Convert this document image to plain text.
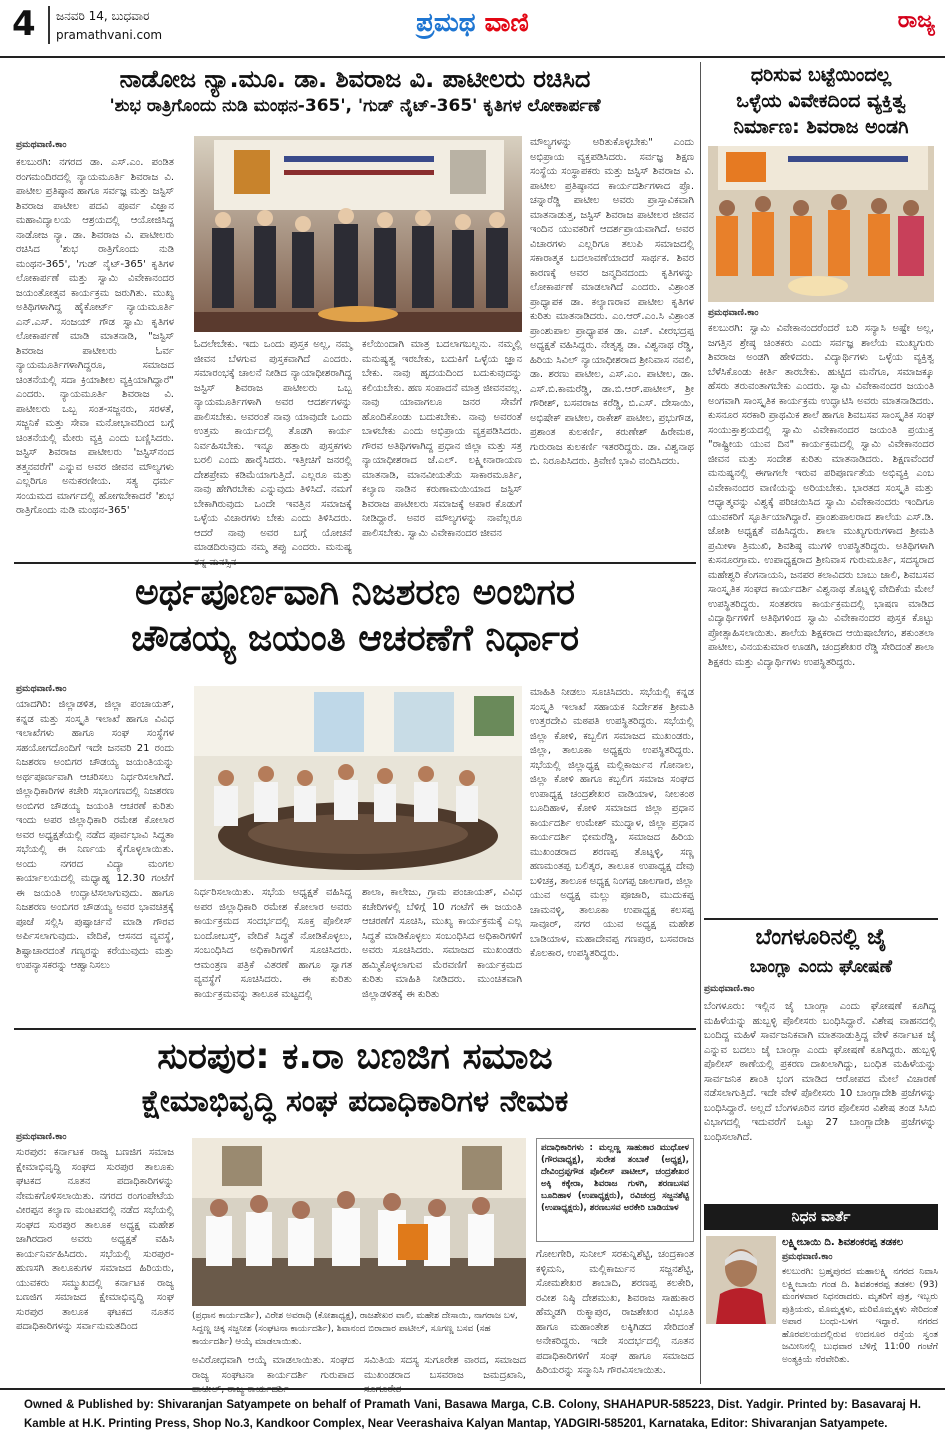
4 ಜನವರಿ 14, ಬುಧವಾರ
pramathvani.com	ಪ್ರಮಥ ವಾಣಿ	ರಾಜ್ಯ
ನಾಡೋಜ ನ್ಯಾ.ಮೂ. ಡಾ. ಶಿವರಾಜ ವಿ. ಪಾಟೀಲರು ರಚಿಸಿದ
'ಶುಭ ರಾತ್ರಿಗೊಂದು ನುಡಿ ಮಂಥನ-365', 'ಗುಡ್ ನೈಟ್-365' ಕೃತಿಗಳ ಲೋಕಾರ್ಪಣೆ
ಪ್ರಮಥವಾಣಿ.ಕಾಂ
ಕಲಬುರಗಿ: ನಗರದ ಡಾ. ಎಸ್.ಎಂ. ಪಂಡಿತ ರಂಗಮಂದಿರದಲ್ಲಿ ನ್ಯಾಯಮೂರ್ತಿ ಶಿವರಾಜ ವಿ. ಪಾಟೀಲ ಪ್ರತಿಷ್ಠಾನ ಹಾಗೂ ಸರ್ವಜ್ಞ ಮತ್ತು ಜಸ್ಟಿಸ್ ಶಿವರಾಜ ಪಾಟೀಲ ಪದವಿ ಪೂರ್ವ ವಿಜ್ಞಾನ ಮಹಾವಿದ್ಯಾಲಯ ಆಶ್ರಯದಲ್ಲಿ ಆಯೋಜಿಸಿದ್ದ ನಾಡೋಜ ನ್ಯಾ. ಡಾ. ಶಿವರಾಜ ವಿ. ಪಾಟೀಲರು ರಚಿಸಿದ 'ಶುಭ ರಾತ್ರಿಗೊಂದು ನುಡಿ ಮಂಥನ-365', 'ಗುಡ್ ನೈಟ್-365' ಕೃತಿಗಳ ಲೋಕಾರ್ಪಣೆ ಮತ್ತು ಸ್ವಾಮಿ ವಿವೇಕಾನಂದರ ಜಯಂತೋತ್ಸವ ಕಾರ್ಯಕ್ರಮ ಜರುಗಿತು. ಮುಖ್ಯ ಅತಿಥಿಗಳಾಗಿದ್ದ ಹೈಕೋರ್ಟ್ ನ್ಯಾಯಮೂರ್ತಿ ಎನ್.ಎಸ್. ಸಂಜಯ್ ಗೌಡ ಸ್ವಾಮಿ ಕೃತಿಗಳ ಲೋಕಾರ್ಪಣೆ ಮಾಡಿ ಮಾತನಾಡಿ, "ಜಸ್ಟಿಸ್ ಶಿವರಾಜ ಪಾಟೀಲರು ಓರ್ವ ನ್ಯಾಯಮೂರ್ತಿಗಳಾಗಿದ್ದರೂ, ಸಮಾಜದ ಚಿಂತನೆಯಲ್ಲಿ ಸದಾ ಕ್ರಿಯಾಶೀಲ ವ್ಯಕ್ತಿಯಾಗಿದ್ದಾರೆ" ಎಂದರು. ನ್ಯಾಯಮೂರ್ತಿ ಶಿವರಾಜ ವಿ. ಪಾಟೀಲರು ಒಬ್ಬ ಸಂತ-ಸಜ್ಜನರು, ಸರಳತೆ, ಸಜ್ಜನಿಕೆ ಮತ್ತು ಸೇವಾ ಮನೋಭಾವದಿಂದ ಬಗ್ಗೆ ಚಿಂತನೆಯಲ್ಲಿ ಮೇರು ವ್ಯಕ್ತಿ ಎಂದು ಬಣ್ಣಿಸಿದರು. ಜಸ್ಟಿಸ್ ಶಿವರಾಜ ಪಾಟೀಲರು 'ಜಸ್ಟಿಸ್‌ನಂದ ತತ್ತ್ವನವರೆಗೆ' ಎನ್ನುವ ಅವರ ಜೀವನ ಮೌಲ್ಯಗಳು ಎಲ್ಲರಿಗೂ ಅನುಕರಣೀಯ. ಸತ್ಯ ಧರ್ಮ ಸಂಯಮದ ಮಾರ್ಗದಲ್ಲಿ ಹೋಗಬೇಕಾದರೆ 'ಶುಭ ರಾತ್ರಿಗೊಂದು ನುಡಿ ಮಂಥನ-365'
ಓದಲೇಬೇಕು. ಇದು ಒಂದು ಪುಸ್ತಕ ಅಲ್ಲ, ನಮ್ಮ ಜೀವನ ಬೆಳಗುವ ಪುಸ್ತಕವಾಗಿದೆ ಎಂದರು. ಸಮಾರಂಭಕ್ಕೆ ಚಾಲನೆ ನೀಡಿದ ನ್ಯಾಯಾಧೀಶರಾಗಿದ್ದ ಜಸ್ಟಿಸ್ ಶಿವರಾಜ ಪಾಟೀಲರು ಒಬ್ಬ ನ್ಯಾಯಮೂರ್ತಿಗಳಾಗಿ ಅವರ ಆದರ್ಶಗಳನ್ನು ಪಾಲಿಸಬೇಕು. ಅವರಂತೆ ನಾವು ಯಾವುದೇ ಒಂದು ಉತ್ತಮ ಕಾರ್ಯದಲ್ಲಿ ತೊಡಗಿ ಕಾರ್ಯ ನಿರ್ವಹಿಸಬೇಕು. ಇನ್ನೂ ಹತ್ತಾರು ಪುಸ್ತಕಗಳು ಬರಲಿ ಎಂದು ಹಾರೈಸಿದರು. ಇತ್ತೀಚಿಗೆ ಜನರಲ್ಲಿ ದೇಶಪ್ರೇಮ ಕಡಿಮೆಯಾಗುತ್ತಿದೆ. ಎಲ್ಲರೂ ಮತ್ತು ನಾವು ಹೇಗಿರಬೇಕು ಎನ್ನುವುದು ತಿಳಿಸಿದೆ. ನಮಗೆ ಬೇಕಾಗಿರುವುದು ಒಂದೇ ಇವತ್ತಿನ ಸಮಾಜಕ್ಕೆ ಒಳ್ಳೆಯ ವಿಚಾರಗಳು ಬೇಕು ಎಂದು ತಿಳಿಸಿದರು. ಆದರೆ ನಾವು ಅವರ ಬಗ್ಗೆ ಯೋಚನೆ ಮಾಡದಿರುವುದು ನಮ್ಮ ತಪ್ಪು ಎಂದರು. ಮನುಷ್ಯ
ಕಲೆಯಿಂದಾಗಿ ಮಾತ್ರ ಬದಲಾಗಬಲ್ಲನು. ನಮ್ಮಲ್ಲಿ ಮನುಷ್ಯತ್ವ ಇರಬೇಕು, ಬದುಕಿಗೆ ಒಳ್ಳೆಯ ಜ್ಞಾನ ಬೇಕು. ನಾವು ಹೃದಯದಿಂದ ಬದುಕುವುದನ್ನು ಕಲಿಯಬೇಕು. ಹಣ ಸಂಪಾದನೆ ಮಾತ್ರ ಜೀವನವಲ್ಲ. ನಾವು ಯಾವಾಗಲೂ ಜನರ ಸೇವೆಗೆ ಹೊಂದಿಕೊಂಡು ಬದುಕಬೇಕು. ನಾವು ಅವರಂತೆ ಬಾಳಬೇಕು ಎಂದು ಅಭಿಪ್ರಾಯ ವ್ಯಕ್ತಪಡಿಸಿದರು. ಗೌರವ ಅತಿಥಿಗಳಾಗಿದ್ದ ಪ್ರಧಾನ ಜಿಲ್ಲಾ ಮತ್ತು ಸತ್ರ ನ್ಯಾಯಾಧೀಶರಾದ ಜೆ.ಎಲ್. ಲಕ್ಷ್ಮೀನಾರಾಯಣ ಮಾತನಾಡಿ, ಮಾನವೀಯತೆಯ ಸಾಕಾರಮೂರ್ತಿ, ಕಲ್ಯಾಣ ನಾಡಿನ ಕರುಣಾಮಯಿಯಾದ ಜಸ್ಟಿಸ್ ಶಿವರಾಜ ಪಾಟೀಲರು ಸಮಾಜಕ್ಕೆ ಅಪಾರ ಕೊಡುಗೆ ನೀಡಿದ್ದಾರೆ. ಅವರ ಮೌಲ್ಯಗಳನ್ನು ನಾವೆಲ್ಲರೂ ಪಾಲಿಸಬೇಕು. ಸ್ವಾಮಿ ವಿವೇಕಾನಂದರ ಜೀವನ
ಮೌಲ್ಯಗಳನ್ನು ಅರಿತುಕೊಳ್ಳಬೇಕು" ಎಂದು ಅಭಿಪ್ರಾಯ ವ್ಯಕ್ತಪಡಿಸಿದರು. ಸರ್ವಜ್ಞ ಶಿಕ್ಷಣ ಸಂಸ್ಥೆಯ ಸಂಸ್ಥಾಪಕರು ಮತ್ತು ಜಸ್ಟಿಸ್ ಶಿವರಾಜ ವಿ. ಪಾಟೀಲ ಪ್ರತಿಷ್ಠಾನದ ಕಾರ್ಯದರ್ಶಿಗಳಾದ ಪ್ರೊ. ಚನ್ನಾರೆಡ್ಡಿ ಪಾಟೀಲ ಅವರು ಪ್ರಾಸ್ತಾವಿಕವಾಗಿ ಮಾತನಾಡುತ್ತ, ಜಸ್ಟಿಸ್ ಶಿವರಾಜ ಪಾಟೀಲರ ಜೀವನ ಇಂದಿನ ಯುವಕರಿಗೆ ಆದರ್ಶಪ್ರಾಯವಾಗಿದೆ. ಅವರ ವಿಚಾರಗಳು ಎಲ್ಲರಿಗೂ ತಲುಪಿ ಸಮಾಜದಲ್ಲಿ ಸಕಾರಾತ್ಮಕ ಬದಲಾವಣೆಯಾದರೆ ಸಾರ್ಥಕ. ಶಿವರ ಕಾರಣಕ್ಕೆ ಅವರ ಜನ್ಮದಿನದಂದು ಕೃತಿಗಳನ್ನು ಲೋಕಾರ್ಪಣೆ ಮಾಡಲಾಗಿದೆ ಎಂದರು. ವಿಶ್ರಾಂತ ಪ್ರಾಧ್ಯಾಪಕ ಡಾ. ಕಲ್ಯಾಣರಾವ ಪಾಟೀಲ ಕೃತಿಗಳ ಕುರಿತು ಮಾತನಾಡಿದರು. ಎಂ.ಆರ್.ಎಂ.ಸಿ ವಿಶ್ರಾಂತ ಪ್ರಾಂಶುಪಾಲ ಪ್ರಾಧ್ಯಾಪಕ ಡಾ. ಎಚ್. ವೀರಭದ್ರಪ್ಪ ಅಧ್ಯಕ್ಷತೆ ವಹಿಸಿದ್ದರು. ನೇತೃತ್ವ ಡಾ. ವಿಶ್ವನಾಥ ರೆಡ್ಡಿ, ಹಿರಿಯ ಸಿವಿಲ್ ನ್ಯಾಯಾಧೀಶರಾದ ಶ್ರೀನಿವಾಸ ನವಲಿ, ಡಾ. ಶರಣು ಪಾಟೀಲ, ಎಸ್.ಎಂ. ಪಾಟೀಲ, ಡಾ. ಎಸ್.ಬಿ.ಕಾಮರೆಡ್ಡಿ, ಡಾ.ಬಿ.ಆರ್.ಪಾಟೀಲ್, ಶ್ರೀ ಗೌರೀಶ್, ಬಸವರಾಜ ಕರೆಡ್ಡಿ, ಬಿ.ಎಸ್. ದೇಸಾಯಿ, ಅಭಿಷೇಕ್ ಪಾಟೀಲ, ರಾಕೇಶ್ ಪಾಟೀಲ, ಪ್ರಭುಗೌಡ, ಪ್ರಶಾಂತ ಕುಲಕರ್ಣಿ, ಕರುಣೇಶ್ ಹಿರೇಮಠ, ಗುರುರಾಜ ಕುಲಕರ್ಣಿ ಇತರರಿದ್ದರು. ಡಾ. ವಿಶ್ವನಾಥ ಬಿ. ನಿರೂಪಿಸಿದರು. ತ್ರಿವೇಣಿ ಭಾವಿ ವಂದಿಸಿದರು.
ಅರ್ಥಪೂರ್ಣವಾಗಿ ನಿಜಶರಣ ಅಂಬಿಗರ
ಚೌಡಯ್ಯ ಜಯಂತಿ ಆಚರಣೆಗೆ ನಿರ್ಧಾರ
ಪ್ರಮಥವಾಣಿ.ಕಾಂ
ಯಾದಗಿರಿ: ಜಿಲ್ಲಾಡಳಿತ, ಜಿಲ್ಲಾ ಪಂಚಾಯತ್, ಕನ್ನಡ ಮತ್ತು ಸಂಸ್ಕೃತಿ ಇಲಾಖೆ ಹಾಗೂ ವಿವಿಧ ಇಲಾಖೆಗಳು ಹಾಗೂ ಸಂಘ ಸಂಸ್ಥೆಗಳ ಸಹಯೋಗದೊಂದಿಗೆ ಇದೇ ಜನವರಿ 21 ರಂದು ನಿಜಶರಣ ಅಂಬಿಗರ ಚೌಡಯ್ಯ ಜಯಂತಿಯನ್ನು ಅರ್ಥಪೂರ್ಣವಾಗಿ ಆಚರಿಸಲು ನಿರ್ಧರಿಸಲಾಗಿದೆ. ಜಿಲ್ಲಾಧಿಕಾರಿಗಳ ಕಚೇರಿ ಸಭಾಂಗಣದಲ್ಲಿ ನಿಜಶರಣ ಅಂಬಿಗರ ಚೌಡಯ್ಯ ಜಯಂತಿ ಆಚರಣೆ ಕುರಿತು ಇಂದು ಅಪರ ಜಿಲ್ಲಾಧಿಕಾರಿ ರಮೇಶ ಕೋಲಾರ ಅವರ ಅಧ್ಯಕ್ಷತೆಯಲ್ಲಿ ನಡೆದ ಪೂರ್ವಭಾವಿ ಸಿದ್ಧತಾ ಸಭೆಯಲ್ಲಿ ಈ ನಿರ್ಣಯ ಕೈಗೊಳ್ಳಲಾಯಿತು. ಅಂದು ನಗರದ ವಿದ್ಯಾ ಮಂಗಲ ಕಾರ್ಯಾಲಯದಲ್ಲಿ ಮಧ್ಯಾಹ್ನ 12.30 ಗಂಟೆಗೆ ಈ ಜಯಂತಿ ಉದ್ಘಾಟಿಸಲಾಗುವುದು. ಹಾಗೂ ನಿಜಶರಣ ಅಂಬಿಗರ ಚೌಡಯ್ಯ ಅವರ ಭಾವಚಿತ್ರಕ್ಕೆ ಪೂಜೆ ಸಲ್ಲಿಸಿ ಪುಷ್ಪಾರ್ಚನೆ ಮಾಡಿ ಗೌರವ ಅರ್ಪಿಸಲಾಗುವುದು. ವೇದಿಕೆ, ಆಸನದ ವ್ಯವಸ್ಥೆ, ಶಿಷ್ಟಾಚಾರದಂತೆ ಗಣ್ಯರನ್ನು ಕರೆಯುವುದು ಮತ್ತು ಉಪನ್ಯಾಸಕರನ್ನು ಆಹ್ವಾನಿಸಲು
ನಿರ್ಧರಿಸಲಾಯಿತು. ಸಭೆಯ ಅಧ್ಯಕ್ಷತೆ ವಹಿಸಿದ್ದ ಅಪರ ಜಿಲ್ಲಾಧಿಕಾರಿ ರಮೇಶ ಕೋಲಾರ ಅವರು ಕಾರ್ಯಕ್ರಮದ ಸಂದರ್ಭದಲ್ಲಿ ಸೂಕ್ತ ಪೊಲೀಸ್ ಬಂದೋಬಸ್ತ್, ವೇದಿಕೆ ಸಿದ್ಧತೆ ನೋಡಿಕೊಳ್ಳಲು, ಸಂಬಂಧಿಸಿದ ಅಧಿಕಾರಿಗಳಿಗೆ ಸೂಚಿಸಿದರು. ಆಮಂತ್ರಣ ಪತ್ರಿಕೆ ವಿತರಣೆ ಹಾಗೂ ಸ್ವಾಗತ ವ್ಯವಸ್ಥೆಗೆ ಸೂಚಿಸಿದರು. ಈ ಕುರಿತು ಕಾರ್ಯಕ್ರಮವನ್ನು ತಾಲೂಕ ಮಟ್ಟದಲ್ಲಿ
ಶಾಲಾ, ಕಾಲೇಜು, ಗ್ರಾಮ ಪಂಚಾಯತ್, ವಿವಿಧ ಕಚೇರಿಗಳಲ್ಲಿ ಬೆಳಿಗ್ಗೆ 10 ಗಂಟೆಗೆ ಈ ಜಯಂತಿ ಆಚರಣೆಗೆ ಸೂಚಿಸಿ, ಮುಖ್ಯ ಕಾರ್ಯಕ್ರಮಕ್ಕೆ ಎಲ್ಲ ಸಿದ್ಧತೆ ಮಾಡಿಕೊಳ್ಳಲು ಸಂಬಂಧಿಸಿದ ಅಧಿಕಾರಿಗಳಿಗೆ ಅವರು ಸೂಚಿಸಿದರು. ಸಮಾಜದ ಮುಖಂಡರು ಹಮ್ಮಿಕೊಳ್ಳಲಾಗುವ ಮೆರವಣಿಗೆ ಕಾರ್ಯಕ್ರಮದ ಕುರಿತು ಮಾಹಿತಿ ನೀಡಿದರು. ಮುಂಚಿತವಾಗಿ ಜಿಲ್ಲಾಡಳಿತಕ್ಕೆ ಈ ಕುರಿತು
ಮಾಹಿತಿ ನೀಡಲು ಸೂಚಿಸಿದರು. ಸಭೆಯಲ್ಲಿ ಕನ್ನಡ ಸಂಸ್ಕೃತಿ ಇಲಾಖೆ ಸಹಾಯಕ ನಿರ್ದೇಶಕ ಶ್ರೀಮತಿ ಉತ್ತರದೇವಿ ಮಠಪತಿ ಉಪಸ್ಥಿತರಿದ್ದರು. ಸಭೆಯಲ್ಲಿ ಜಿಲ್ಲಾ ಕೋಳಿ, ಕಬ್ಬಲಿಗ ಸಮಾಜದ ಮುಖಂಡರು, ಜಿಲ್ಲಾ, ತಾಲೂಕಾ ಅಧ್ಯಕ್ಷರು ಉಪಸ್ಥಿತರಿದ್ದರು. ಸಭೆಯಲ್ಲಿ ಜಿಲ್ಲಾಧ್ಯಕ್ಷ ಮಲ್ಲಿಕಾರ್ಜುನ ಗೋನಾಲ, ಜಿಲ್ಲಾ ಕೋಳಿ ಹಾಗೂ ಕಬ್ಬಲಿಗ ಸಮಾಜ ಸಂಘದ ಉಪಾಧ್ಯಕ್ಷ ಚಂದ್ರಶೇಖರ ವಾಡಿಯಾಳ, ನೀಲಕಂಠ ಬೂದಿಹಾಳ, ಕೋಳಿ ಸಮಾಜದ ಜಿಲ್ಲಾ ಪ್ರಧಾನ ಕಾರ್ಯದರ್ಶಿ ಉಮೇಶ್ ಮುದ್ನಾಳ, ಜಿಲ್ಲಾ ಪ್ರಧಾನ ಕಾರ್ಯದರ್ಶಿ ಭೀಮರೆಡ್ಡಿ, ಸಮಾಜದ ಹಿರಿಯ ಮುಖಂಡರಾದ ಶರಣಪ್ಪ ತೊಟ್ನಳ್ಳಿ, ಸಣ್ಣ ಹಣಮಂತಪ್ಪ ಬಲಿತ್ಕರ, ತಾಲೂಕ ಉಪಾಧ್ಯಕ್ಷ ದೇವು ಬಳಿಚಕ್ರ, ತಾಲೂಕ ಅಧ್ಯಕ್ಷ ನಿಂಗಪ್ಪ ಜಾಲಗಾರ, ಜಿಲ್ಲಾ ಯುವ ಅಧ್ಯಕ್ಷ ಮಲ್ಲು ಪೂಜಾರಿ, ಮುದುಕಪ್ಪ ಚಾಮನಳ್ಳಿ, ತಾಲೂಕಾ ಉಪಾಧ್ಯಕ್ಷ ಕಲಸಪ್ಪ ಸಾವೂರ್, ನಗರ ಯುವ ಅಧ್ಯಕ್ಷ ಮಹೇಶ ಬಾಡಿಯಾಳ, ಮಹಾದೇವಪ್ಪ ಗಣಪುರ, ಬಸವರಾಜ ಕೊಲಕಾರ, ಉಪಸ್ಥಿತರಿದ್ದರು.
ಸುರಪುರ: ಕ.ರಾ ಬಣಜಿಗ ಸಮಾಜ
ಕ್ಷೇಮಾಭಿವೃದ್ಧಿ ಸಂಘ ಪದಾಧಿಕಾರಿಗಳ ನೇಮಕ
ಪ್ರಮಥವಾಣಿ.ಕಾಂ
ಸುರಪುರ: ಕರ್ನಾಟಕ ರಾಜ್ಯ ಬಣಜಿಗ ಸಮಾಜ ಕ್ಷೇಮಾಭಿವೃದ್ಧಿ ಸಂಘದ ಸುರಪುರ ತಾಲೂಕು ಘಟಕದ ನೂತನ ಪದಾಧಿಕಾರಿಗಳನ್ನು ನೇಮಕಗೊಳಿಸಲಾಯಿತು. ನಗರದ ರಂಗಂಪೇಟೆಯ ವೀರಪ್ಪನ ಕಲ್ಯಾಣ ಮಂಟಪದಲ್ಲಿ ನಡೆದ ಸಭೆಯಲ್ಲಿ ಸಂಘದ ಸುರಪುರ ತಾಲೂಕ ಅಧ್ಯಕ್ಷ ಮಹೇಶ ಜಾಗಿರದಾರ ಅವರು ಅಧ್ಯಕ್ಷತೆ ವಹಿಸಿ ಕಾರ್ಯನಿರ್ವಹಿಸಿದರು. ಸಭೆಯಲ್ಲಿ ಸುರಪುರ-ಹುಣಸಗಿ ತಾಲೂಕುಗಳ ಸಮಾಜದ ಹಿರಿಯರು, ಯುವಕರು ಸಮ್ಮುಖದಲ್ಲಿ ಕರ್ನಾಟಕ ರಾಜ್ಯ ಬಣಜಿಗ ಸಮಾಜದ ಕ್ಷೇಮಾಭಿವೃದ್ಧಿ ಸಂಘ ಸುರಪುರ ತಾಲೂಕ ಘಟಕದ ನೂತನ ಪದಾಧಿಕಾರಿಗಳನ್ನು ಸರ್ವಾನುಮತದಿಂದ
(ಪ್ರಧಾನ ಕಾರ್ಯದರ್ಶಿ), ವಿರೇಶ ಅವರಾಧಿ (ಕೋಶಾಧ್ಯಕ್ಷ), ರಾಜಶೇಖರ ವಾಲಿ, ಮಹೇಶ ದೇಸಾಯಿ, ನಾಗರಾಜ ಬಳ, ಸಿದ್ದಣ್ಣ ಚಿಕ್ಕ ಸಜ್ಜನೀಶ (ಸಂಘಟನಾ ಕಾರ್ಯದರ್ಶಿ), ಶಿವಾನಂದ ಬಿರಾದಾರ ಪಾಟೀಲ್, ಸೂಗಣ್ಣ ಬಸವ (ಸಹ ಕಾರ್ಯದರ್ಶಿ) ಆಯ್ಕೆ ಮಾಡಲಾಯಿತು.
ಅವಿರೋಧವಾಗಿ ಆಯ್ಕೆ ಮಾಡಲಾಯಿತು. ಸಂಘದ ರಾಜ್ಯ ಸಂಘಟನಾ ಕಾರ್ಯದರ್ಶಿ ಗುರುಪಾದ ಪಾಟೀಲ್, ರಾಜ್ಯ ಕಾರ್ಯದರ್ಶಿ
ಸಮಿತಿಯ ಸದಸ್ಯ ಸುಗೂರೇಶ ವಾರದ, ಸಮಾಜದ ಮುಖಂಡರಾದ ಬಸವರಾಜ ಜಮದ್ರಖಾನಿ, ಸೂಗೂರೇಶ
ಪದಾಧಿಕಾರಿಗಳು : ಮಲ್ಲಣ್ಣ ಸಾಹುಕಾರ ಮುಧೋಳ (ಗೌರವಾಧ್ಯಕ್ಷ), ಸುರೇಶ ತಂಬಾಕೆ (ಅಧ್ಯಕ್ಷ), ದೇವಿಂದ್ರಪ್ಪಗೌಡ ಪೊಲೀಸ್ ಪಾಟೀಲ್, ಚಂದ್ರಶೇಖರ ಅಕ್ಕಿ ಕಕ್ಕೇರಾ, ಶಿವರಾಜ ಗುಳಗಿ, ಶರಣಬಸವ ಬೂದಿಹಾಳ (ಉಪಾಧ್ಯಕ್ಷರು), ರವಿಚಂದ್ರ ಸಜ್ಜನಶೆಟ್ಟಿ (ಉಪಾಧ್ಯಕ್ಷರು), ಶರಣಬಸವ ಅರಕೇರಿ ಬಾಡಿಯಾಳ
ಗೋಲಗೇರಿ, ಸುನೀಲ್ ಸರಕುನ್ನಿಶೆಟ್ಟಿ, ಚಂದ್ರಕಾಂತ ಕಳ್ಳಿಮನಿ, ಮಲ್ಲಿಕಾರ್ಜುನ ಸಜ್ಜನಶೆಟ್ಟಿ, ಸೋಮಶೇಖರ ಶಾಬಾದಿ, ಶರಣಪ್ಪ ಕಲಕೇರಿ, ರವೀಶ ನಿಷ್ಠಿ ದೇಶಮುಖ, ಶಿವರಾಜ ಸಾಹುಕಾರ ಹೆಮ್ಮಡಗಿ ರುಕ್ಮಾಪುರ, ರಾಜಶೇಖರ ವಿಭೂತಿ ಹಾಗೂ ಮಹಾಂತೇಶ ಲಕ್ಕಿಗಿಡದ ಸೇರಿದಂತೆ ಅನೇಕರಿದ್ದರು. ಇದೇ ಸಂದರ್ಭದಲ್ಲಿ ನೂತನ ಪದಾಧಿಕಾರಿಗಳಿಗೆ ಸಂಘ ಹಾಗೂ ಸಮಾಜದ ಹಿರಿಯರನ್ನು ಸನ್ಮಾನಿಸಿ ಗೌರವಿಸಲಾಯಿತು.
ಧರಿಸುವ ಬಟ್ಟೆಯಿಂದಲ್ಲ
ಒಳ್ಳೆಯ ವಿವೇಕದಿಂದ ವ್ಯಕ್ತಿತ್ವ
ನಿರ್ಮಾಣ: ಶಿವರಾಜ ಅಂಡಗಿ
ಪ್ರಮಥವಾಣಿ.ಕಾಂ
ಕಲಬುರಗಿ: ಸ್ವಾಮಿ ವಿವೇಕಾನಂದರೆಂದರೆ ಬರಿ ಸನ್ಯಾಸಿ ಅಷ್ಟೇ ಅಲ್ಲ, ಜಗತ್ತಿನ ಶ್ರೇಷ್ಠ ಚಿಂತಕರು ಎಂದು ಸರ್ವಜ್ಞ ಶಾಲೆಯ ಮುಖ್ಯಗುರು ಶಿವರಾಜ ಅಂಡಗಿ ಹೇಳಿದರು. ವಿದ್ಯಾರ್ಥಿಗಳು ಒಳ್ಳೆಯ ವ್ಯಕ್ತಿತ್ವ ಬೆಳೆಸಿಕೊಂಡು ಕೀರ್ತಿ ತಾರಬೇಕು. ಹುಟ್ಟಿದ ಮನೆಗೂ, ಸಮಾಜಕ್ಕೂ ಹೆಸರು ತರುವಂತಾಗಬೇಕು ಎಂದರು. ಸ್ವಾಮಿ ವಿವೇಕಾನಂದರ ಜಯಂತಿ ಅಂಗವಾಗಿ ಸಾಂಸ್ಕೃತಿಕ ಕಾರ್ಯಕ್ರಮ ಉದ್ಘಾಟಿಸಿ ಅವರು ಮಾತನಾಡಿದರು. ಕುಸನೂರ ಸರಕಾರಿ ಪ್ರಾಥಮಿಕ ಶಾಲೆ ಹಾಗೂ ಶಿವಬಸವ ಸಾಂಸ್ಕೃತಿಕ ಸಂಘ ಸಂಯುಕ್ತಾಶ್ರಯದಲ್ಲಿ ಸ್ವಾಮಿ ವಿವೇಕಾನಂದರ ಜಯಂತಿ ಪ್ರಯುಕ್ತ "ರಾಷ್ಟ್ರೀಯ ಯುವ ದಿನ" ಕಾರ್ಯಕ್ರಮದಲ್ಲಿ ಸ್ವಾಮಿ ವಿವೇಕಾನಂದರ ಜೀವನ ಮತ್ತು ಸಂದೇಶ ಕುರಿತು ಮಾತನಾಡಿದರು. ಶಿಕ್ಷಣವೆಂದರೆ ಮನುಷ್ಯನಲ್ಲಿ ಈಗಾಗಲೇ ಇರುವ ಪರಿಪೂರ್ಣತೆಯ ಅಭಿವ್ಯಕ್ತಿ ಎಂಬ ವಿವೇಕಾನಂದರ ವಾಣಿಯನ್ನು ಅರಿಯಬೇಕು. ಭಾರತದ ಸಂಸ್ಕೃತಿ ಮತ್ತು ಆಧ್ಯಾತ್ಮವನ್ನು ವಿಶ್ವಕ್ಕೆ ಪರಿಚಯಿಸಿದ ಸ್ವಾಮಿ ವಿವೇಕಾನಂದರು ಇಂದಿಗೂ ಯುವಕರಿಗೆ ಸ್ಫೂರ್ತಿಯಾಗಿದ್ದಾರೆ. ಪ್ರಾಂಶುಪಾಲರಾದ ಶಾಲೆಯ ಎಸ್.ಡಿ. ಜೋಶಿ ಅಧ್ಯಕ್ಷತೆ ವಹಿಸಿದ್ದರು. ಶಾಲಾ ಮುಖ್ಯಗುರುಗಳಾದ ಶ್ರೀಮತಿ ಪ್ರಮೀಳಾ ತ್ರಿಮುಖಿ, ಶಿವಶಿಷ್ಠ ಮುಗಳಿ ಉಪಸ್ಥಿತರಿದ್ದರು. ಅತಿಥಿಗಳಾಗಿ ಕುಸನೂರಗ್ರಾಮ. ಉಪಾಧ್ಯಕ್ಷರಾದ ಶ್ರೀನಿವಾಸ ಗುರುಮೂರ್ತಿ, ಸದಸ್ಯರಾದ ಮಹೇಶ್ವರಿ ಕೆಂಗನಾಯನಿ, ಜನಪರ ಕಲಾವಿದರು ಬಾಬು ಜಾಲಿ, ಶಿವಬಸವ ಸಾಂಸ್ಕೃತಿಕ ಸಂಘದ ಕಾರ್ಯದರ್ಶಿ ವಿಶ್ವನಾಥ ತೊಟ್ನಳ್ಳಿ ವೇದಿಕೆಯ ಮೇಲೆ ಉಪಸ್ಥಿತರಿದ್ದರು. ಸಂತಶರಣ ಕಾರ್ಯಕ್ರಮದಲ್ಲಿ ಭಾಷಣ ಮಾಡಿದ ವಿದ್ಯಾರ್ಥಿಗಳಿಗೆ ಅತಿಥಿಗಳಿಂದ ಸ್ವಾಮಿ ವಿವೇಕಾನಂದರ ಪುಸ್ತಕ ಕೊಟ್ಟು ಪ್ರೋತ್ಸಾಹಿಸಲಾಯಿತು. ಶಾಲೆಯ ಶಿಕ್ಷಕರಾದ ಆಯಿಷಾಬೇಗಂ, ಶಕುಂತಲಾ ಪಾಟೀಲ, ವಿನಯಕುಮಾರ ಊಡಗಿ, ಚಂದ್ರಶೇಖರ ರೆಡ್ಡಿ ಸೇರಿದಂತೆ ಶಾಲಾ ಶಿಕ್ಷಕರು ಮತ್ತು ವಿದ್ಯಾರ್ಥಿಗಳು ಉಪಸ್ಥಿತರಿದ್ದರು.
ಬೆಂಗಳೂರಿನಲ್ಲಿ ಜೈ
ಬಾಂಗ್ಲಾ ಎಂದು ಘೋಷಣೆ
ಪ್ರಮಥವಾಣಿ.ಕಾಂ
ಬೆಂಗಳೂರು: ಇಲ್ಲಿನ ಜೈ ಬಾಂಗ್ಲಾ ಎಂದು ಘೋಷಣೆ ಕೂಗಿದ್ದ ಮಹಿಳೆಯನ್ನು ಹುಬ್ಬಳ್ಳಿ ಪೊಲೀಸರು ಬಂಧಿಸಿದ್ದಾರೆ. ವಿಶೇಷ ವಾಹನದಲ್ಲಿ ಬಂದಿದ್ದ ಮಹಿಳೆ ಸಾರ್ವಜನಿಕವಾಗಿ ಮಾತನಾಡುತ್ತಿದ್ದ ವೇಳೆ ಕರ್ನಾಟಕ ಜೈ ಎನ್ನುವ ಬದಲು ಜೈ ಬಾಂಗ್ಲಾ ಎಂದು ಘೋಷಣೆ ಕೂಗಿದ್ದರು. ಹುಬ್ಬಳ್ಳಿ ಪೊಲೀಸ್ ಠಾಣೆಯಲ್ಲಿ ಪ್ರಕರಣ ದಾಖಲಾಗಿದ್ದು, ಬಂಧಿತ ಮಹಿಳೆಯನ್ನು ಸಾರ್ವಜನಿಕ ಶಾಂತಿ ಭಂಗ ಮಾಡಿದ ಆರೋಪದ ಮೇಲೆ ವಿಚಾರಣೆ ನಡೆಸಲಾಗುತ್ತಿದೆ. ಇದೇ ವೇಳೆ ಪೊಲೀಸರು 10 ಬಾಂಗ್ಲಾದೇಶಿ ಪ್ರಜೆಗಳನ್ನು ಬಂಧಿಸಿದ್ದಾರೆ. ಅಲ್ಲದೆ ಬೆಂಗಳೂರಿನ ನಗರ ಪೊಲೀಸರ ವಿಶೇಷ ತಂಡ ಸಿಸಿಬಿ ವಿಭಾಗದಲ್ಲಿ ಇದುವರೆಗೆ ಒಟ್ಟು 27 ಬಾಂಗ್ಲಾದೇಶಿ ಪ್ರಜೆಗಳನ್ನು ಬಂಧಿಸಲಾಗಿದೆ.
ನಿಧನ ವಾರ್ತೆ
ಲಕ್ಷ್ಮೀಬಾಯಿ ದಿ. ಶಿವಶಂಕರಪ್ಪ ತಡಕಲ
ಪ್ರಮಥವಾಣಿ.ಕಾಂ
ಕಲಬುರಗಿ: ಬ್ರಹ್ಮಪುರದ ಮಹಾಲಕ್ಷ್ಮಿ ನಗರದ ನಿವಾಸಿ ಲಕ್ಷ್ಮೀಬಾಯಿ ಗಂಡ ದಿ. ಶಿವಶಂಕರಪ್ಪ ತಡಕಲ (93) ಮಂಗಳವಾರ ನಿಧನರಾದರು. ಮೃತರಿಗೆ ಪುತ್ರ, ಇಬ್ಬರು ಪುತ್ರಿಯರು, ಮೊಮ್ಮಕ್ಕಳು, ಮರಿಮೊಮ್ಮಕ್ಕಳು ಸೇರಿದಂತೆ ಅಪಾರ ಬಂಧು-ಬಳಗ ಇದ್ದಾರೆ. ನಗರದ ಹೊರವಲಯದಲ್ಲಿರುವ ಉದನೂರ ರಸ್ತೆಯ ಸ್ವಂತ ಜಮೀನಿನಲ್ಲಿ ಬುಧವಾರ ಬೆಳಿಗ್ಗೆ 11:00 ಗಂಟೆಗೆ ಅಂತ್ಯಕ್ರಿಯೆ ನೆರವೇರಿತು.
Owned & Published by: Shivaranjan Satyampete on behalf of Pramath Vani, Basawa Marga, C.B. Colony, SHAHAPUR-585223, Dist. Yadgir. Printed by: Basavaraj H. Kamble at H.K. Printing Press, Shop No.3, Kandkoor Complex, Near Veerashaiva Kalyan Mantap, YADGIRI-585201, Karnataka, Editor: Shivaranjan Satyampete.
